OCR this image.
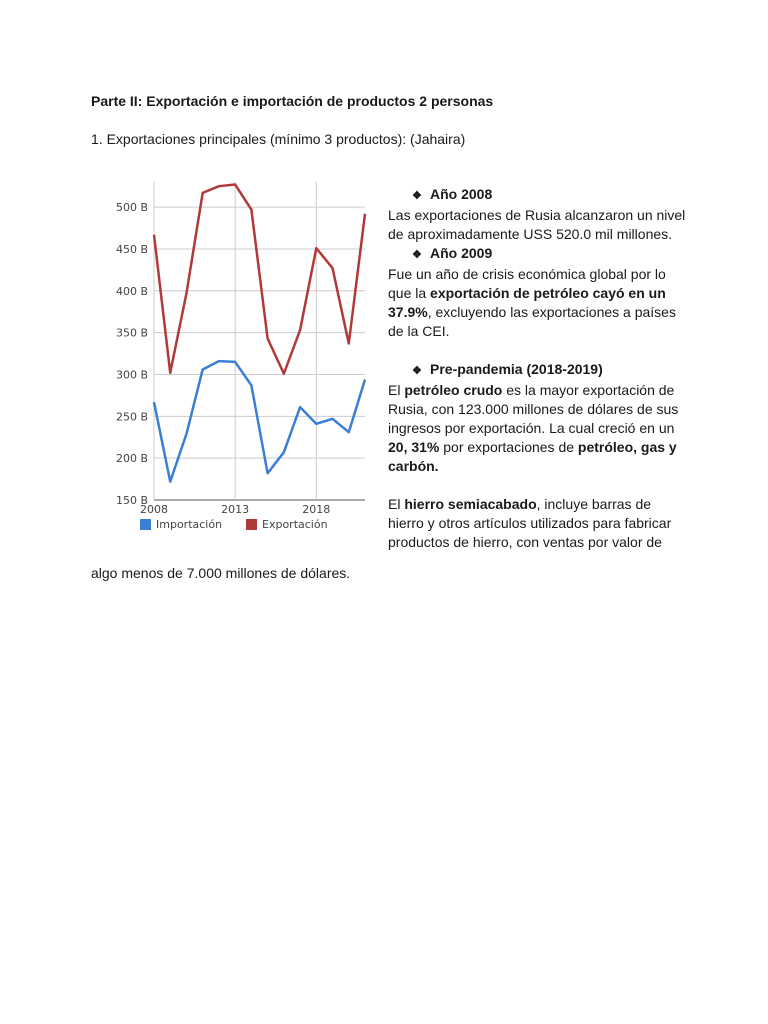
Parte II: Exportación e importación de productos 2 personas
1. Exportaciones principales (mínimo 3 productos): (Jahaira)
150 B
200 B
250 B
300 B
350 B
400 B
450 B
500 B
2008	2013	2018
Importación	Exportación

❖ Año 2008

Las exportaciones de Rusia alcanzaron un nivel de aproximadamente USS 520.0 mil millones.

❖ Año 2009

Fue un año de crisis económica global por lo que la exportación de petróleo cayó en un 37.9%, excluyendo las exportaciones a países de la CEI.

❖ Pre-pandemia (2018-2019)

El petróleo crudo es la mayor exportación de Rusia, con 123.000 millones de dólares de sus ingresos por exportación. La cual creció en un 20, 31% por exportaciones de petróleo, gas y carbón.

El hierro semiacabado, incluye barras de hierro y otros artículos utilizados para fabricar productos de hierro, con ventas por valor de

algo menos de 7.000 millones de dólares.
